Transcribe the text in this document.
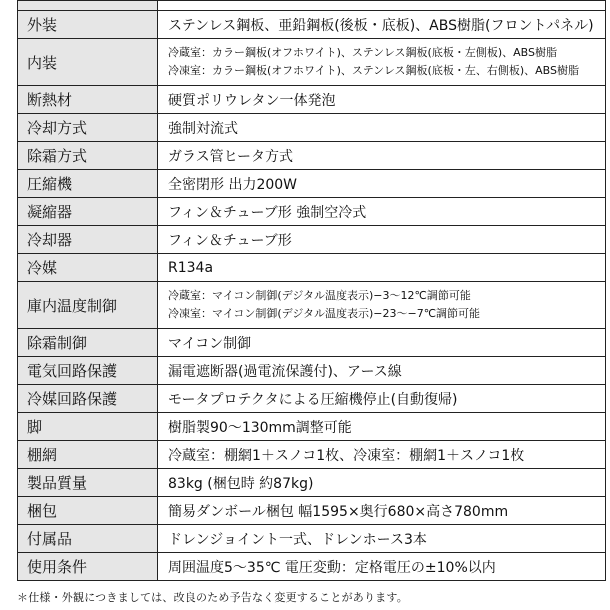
外装	ステンレス鋼板、亜鉛鋼板(後板・底板)、ABS樹脂(フロントパネル)
内装	冷蔵室：カラー鋼板(オフホワイト)、ステンレス鋼板(底板・左側板)、ABS樹脂
冷凍室：カラー鋼板(オフホワイト)、ステンレス鋼板(底板・左、右側板)、ABS樹脂

断熱材	硬質ポリウレタン一体発泡
冷却方式	強制対流式
除霜方式	ガラス管ヒータ方式
圧縮機	全密閉形 出力200W
凝縮器	フィン＆チューブ形 強制空冷式
冷却器	フィン＆チューブ形
冷媒	R134a
庫内温度制御	冷蔵室：マイコン制御(デジタル温度表示)−3〜12℃調節可能
冷凍室：マイコン制御(デジタル温度表示)−23〜−7℃調節可能

除霜制御	マイコン制御
電気回路保護	漏電遮断器(過電流保護付)、アース線
冷媒回路保護	モータプロテクタによる圧縮機停止(自動復帰)
脚	樹脂製90〜130mm調整可能
棚網	冷蔵室：棚網1＋スノコ1枚、冷凍室：棚網1＋スノコ1枚
製品質量	83kg (梱包時 約87kg)
梱包	簡易ダンボール梱包 幅1595×奥行680×高さ780mm
付属品	ドレンジョイント一式、ドレンホース3本
使用条件	周囲温度5〜35℃ 電圧変動：定格電圧の±10%以内
＊仕様・外観につきましては、改良のため予告なく変更することがあります。
